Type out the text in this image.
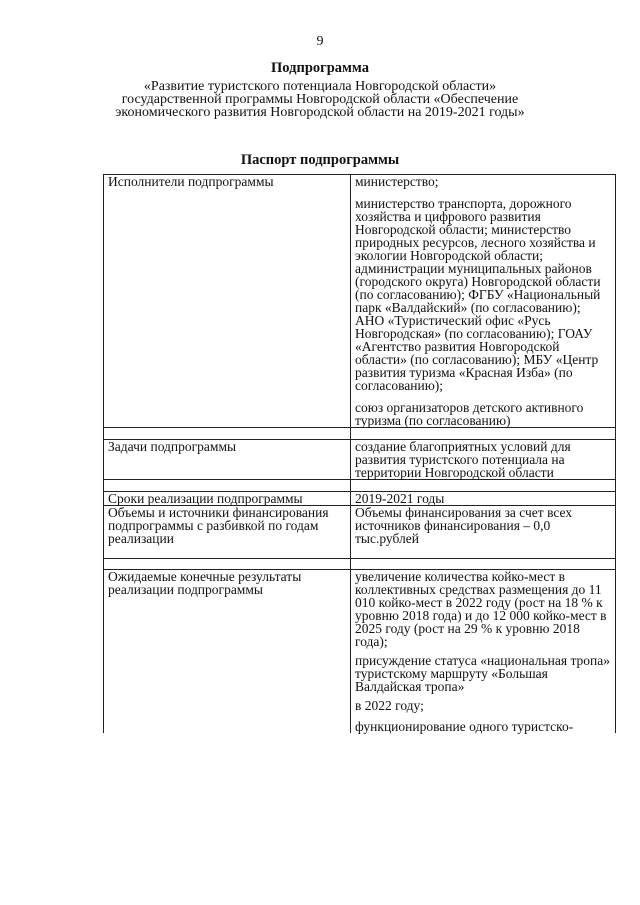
9
Подпрограмма
«Развитие туристского потенциала Новгородской области» государственной программы Новгородской области «Обеспечение экономического развития Новгородской области на 2019-2021 годы»
Паспорт подпрограммы
Исполнители подпрограммы	министерство;
министерство транспорта, дорожного хозяйства и цифрового развития Новгородской области; министерство природных ресурсов, лесного хозяйства и экологии Новгородской области; администрации муниципальных районов (городского округа) Новгородской области (по согласованию); ФГБУ «Национальный парк «Валдайский» (по согласованию); АНО «Туристический офис «Русь Новгородская» (по согласованию); ГОАУ «Агентство развития Новгородской области» (по согласованию); МБУ «Центр развития туризма «Красная Изба» (по согласованию);
союз организаторов детского активного туризма (по согласованию)

Задачи подпрограммы	создание благоприятных условий для развития туристского потенциала на территории Новгородской области

Сроки реализации подпрограммы	2019-2021 годы
Объемы и источники финансирования подпрограммы с разбивкой по годам реализации	Объемы финансирования за счет всех источников финансирования – 0,0 тыс.рублей

Ожидаемые конечные результаты реализации подпрограммы	увеличение количества койко-мест в коллективных средствах размещения до 11 010 койко-мест в 2022 году (рост на 18 % к уровню 2018 года) и до 12 000 койко-мест в 2025 году (рост на 29 % к уровню 2018 года);
присуждение статуса «национальная тропа» туристскому маршруту «Большая Валдайская тропа»
в 2022 году;
функционирование одного туристско-
